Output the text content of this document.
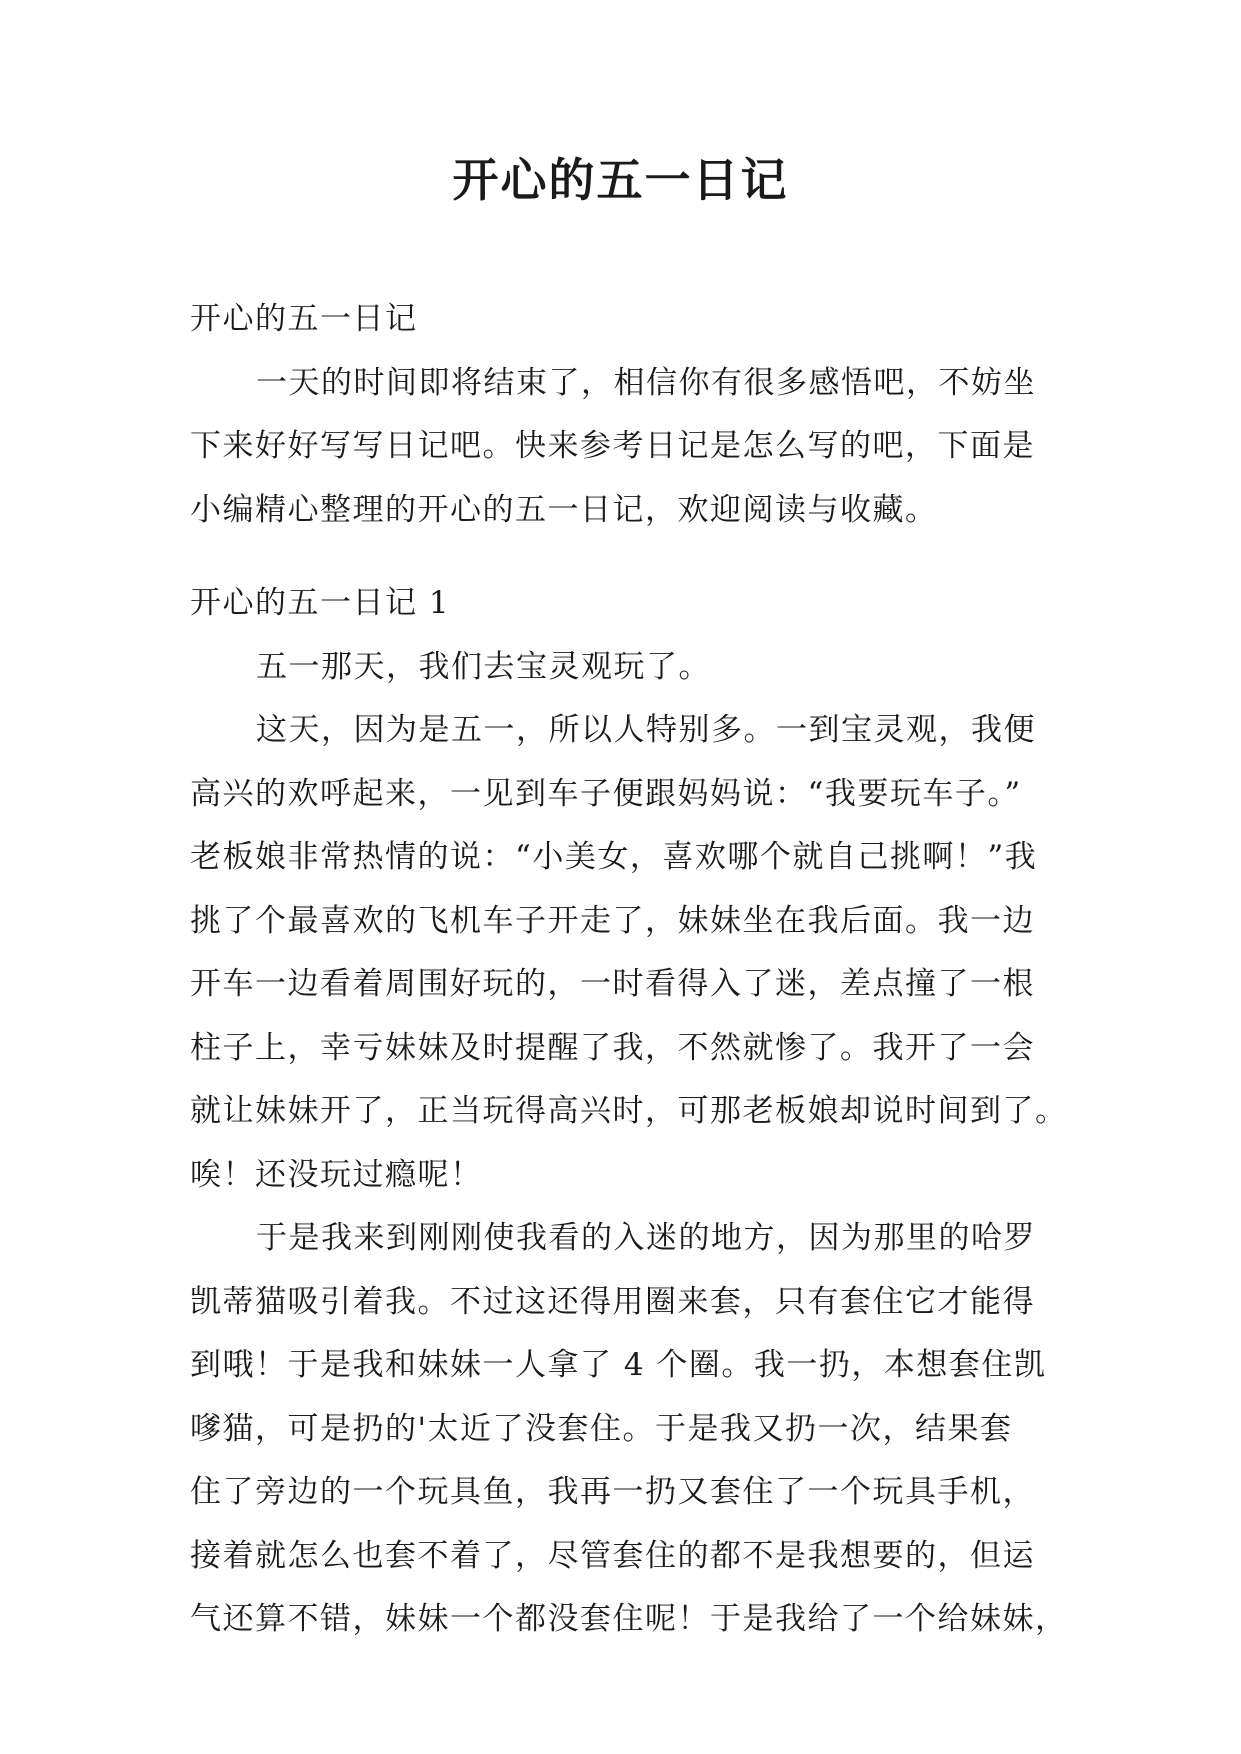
开心的五一日记
开心的五一日记
一天的时间即将结束了，相信你有很多感悟吧，不妨坐
下来好好写写日记吧。快来参考日记是怎么写的吧，下面是
小编精心整理的开心的五一日记，欢迎阅读与收藏。
开心的五一日记 1
五一那天，我们去宝灵观玩了。
这天，因为是五一，所以人特别多。一到宝灵观，我便
高兴的欢呼起来，一见到车子便跟妈妈说：“我要玩车子。”
老板娘非常热情的说：“小美女，喜欢哪个就自己挑啊！”我
挑了个最喜欢的飞机车子开走了，妹妹坐在我后面。我一边
开车一边看着周围好玩的，一时看得入了迷，差点撞了一根
柱子上，幸亏妹妹及时提醒了我，不然就惨了。我开了一会
就让妹妹开了，正当玩得高兴时，可那老板娘却说时间到了。
唉！还没玩过瘾呢！
于是我来到刚刚使我看的入迷的地方，因为那里的哈罗
凯蒂猫吸引着我。不过这还得用圈来套，只有套住它才能得
到哦！于是我和妹妹一人拿了 4 个圈。我一扔，本想套住凯
嗲猫，可是扔的'太近了没套住。于是我又扔一次，结果套
住了旁边的一个玩具鱼，我再一扔又套住了一个玩具手机，
接着就怎么也套不着了，尽管套住的都不是我想要的，但运
气还算不错，妹妹一个都没套住呢！于是我给了一个给妹妹，
